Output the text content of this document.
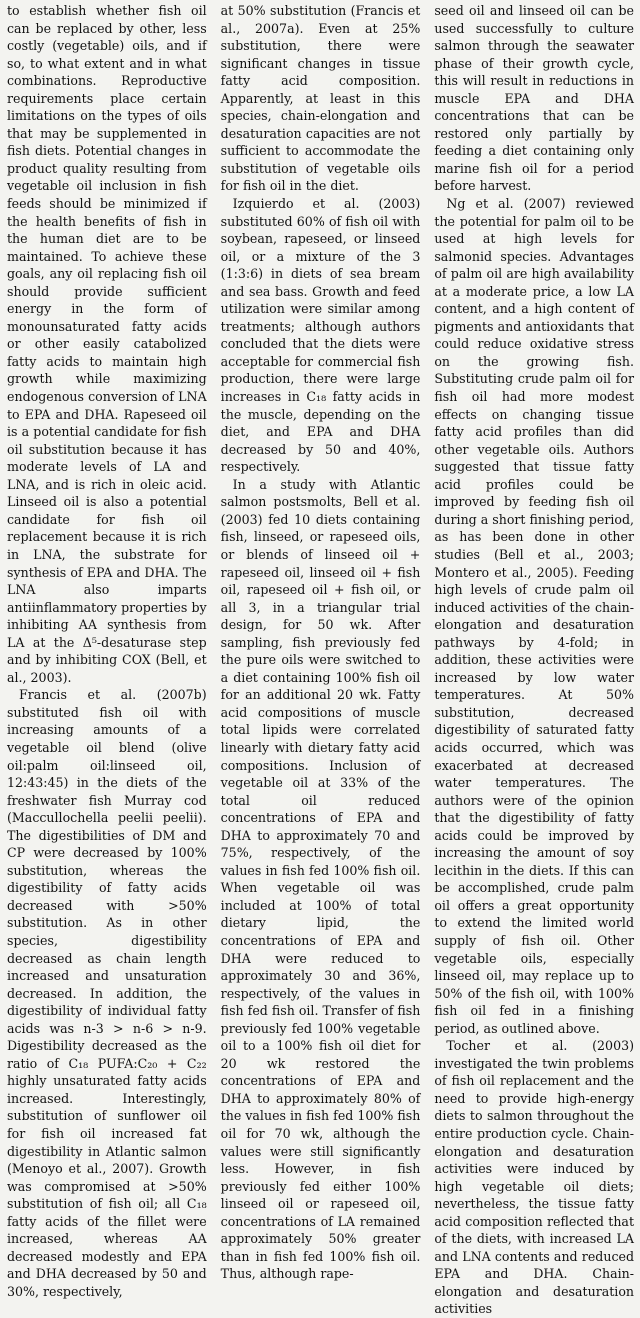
to establish whether fish oil can be replaced by other, less costly (vegetable) oils, and if so, to what extent and in what combinations. Reproductive requirements place certain limitations on the types of oils that may be supplemented in fish diets. Potential changes in product quality resulting from vegetable oil inclusion in fish feeds should be minimized if the health benefits of fish in the human diet are to be maintained. To achieve these goals, any oil replacing fish oil should provide sufficient energy in the form of monounsaturated fatty acids or other easily catabolized fatty acids to maintain high growth while maximizing endogenous conversion of LNA to EPA and DHA. Rapeseed oil is a potential candidate for fish oil substitution because it has moderate levels of LA and LNA, and is rich in oleic acid. Linseed oil is also a potential candidate for fish oil replacement because it is rich in LNA, the substrate for synthesis of EPA and DHA. The LNA also imparts antiinflammatory properties by inhibiting AA synthesis from LA at the Δ⁵-desaturase step and by inhibiting COX (Bell, et al., 2003).

Francis et al. (2007b) substituted fish oil with increasing amounts of a vegetable oil blend (olive oil:palm oil:linseed oil, 12:43:45) in the diets of the freshwater fish Murray cod (Maccullochella peelii peelii). The digestibilities of DM and CP were decreased by 100% substitution, whereas the digestibility of fatty acids decreased with >50% substitution. As in other species, digestibility decreased as chain length increased and unsaturation decreased. In addition, the digestibility of individual fatty acids was n-3 > n-6 > n-9. Digestibility decreased as the ratio of C₁₈ PUFA:C₂₀ + C₂₂ highly unsaturated fatty acids increased. Interestingly, substitution of sunflower oil for fish oil increased fat digestibility in Atlantic salmon (Menoyo et al., 2007). Growth was compromised at >50% substitution of fish oil; all C₁₈ fatty acids of the fillet were increased, whereas AA decreased modestly and EPA and DHA decreased by 50 and 30%, respectively,

at 50% substitution (Francis et al., 2007a). Even at 25% substitution, there were significant changes in tissue fatty acid composition. Apparently, at least in this species, chain-elongation and desaturation capacities are not sufficient to accommodate the substitution of vegetable oils for fish oil in the diet.

Izquierdo et al. (2003) substituted 60% of fish oil with soybean, rapeseed, or linseed oil, or a mixture of the 3 (1:3:6) in diets of sea bream and sea bass. Growth and feed utilization were similar among treatments; although authors concluded that the diets were acceptable for commercial fish production, there were large increases in C₁₈ fatty acids in the muscle, depending on the diet, and EPA and DHA decreased by 50 and 40%, respectively.

In a study with Atlantic salmon postsmolts, Bell et al. (2003) fed 10 diets containing fish, linseed, or rapeseed oils, or blends of linseed oil + rapeseed oil, linseed oil + fish oil, rapeseed oil + fish oil, or all 3, in a triangular trial design, for 50 wk. After sampling, fish previously fed the pure oils were switched to a diet containing 100% fish oil for an additional 20 wk. Fatty acid compositions of muscle total lipids were correlated linearly with dietary fatty acid compositions. Inclusion of vegetable oil at 33% of the total oil reduced concentrations of EPA and DHA to approximately 70 and 75%, respectively, of the values in fish fed 100% fish oil. When vegetable oil was included at 100% of total dietary lipid, the concentrations of EPA and DHA were reduced to approximately 30 and 36%, respectively, of the values in fish fed fish oil. Transfer of fish previously fed 100% vegetable oil to a 100% fish oil diet for 20 wk restored the concentrations of EPA and DHA to approximately 80% of the values in fish fed 100% fish oil for 70 wk, although the values were still significantly less. However, in fish previously fed either 100% linseed oil or rapeseed oil, concentrations of LA remained approximately 50% greater than in fish fed 100% fish oil. Thus, although rape-

seed oil and linseed oil can be used successfully to culture salmon through the seawater phase of their growth cycle, this will result in reductions in muscle EPA and DHA concentrations that can be restored only partially by feeding a diet containing only marine fish oil for a period before harvest.

Ng et al. (2007) reviewed the potential for palm oil to be used at high levels for salmonid species. Advantages of palm oil are high availability at a moderate price, a low LA content, and a high content of pigments and antioxidants that could reduce oxidative stress on the growing fish. Substituting crude palm oil for fish oil had more modest effects on changing tissue fatty acid profiles than did other vegetable oils. Authors suggested that tissue fatty acid profiles could be improved by feeding fish oil during a short finishing period, as has been done in other studies (Bell et al., 2003; Montero et al., 2005). Feeding high levels of crude palm oil induced activities of the chain-elongation and desaturation pathways by 4-fold; in addition, these activities were increased by low water temperatures. At 50% substitution, decreased digestibility of saturated fatty acids occurred, which was exacerbated at decreased water temperatures. The authors were of the opinion that the digestibility of fatty acids could be improved by increasing the amount of soy lecithin in the diets. If this can be accomplished, crude palm oil offers a great opportunity to extend the limited world supply of fish oil. Other vegetable oils, especially linseed oil, may replace up to 50% of the fish oil, with 100% fish oil fed in a finishing period, as outlined above.

Tocher et al. (2003) investigated the twin problems of fish oil replacement and the need to provide high-energy diets to salmon throughout the entire production cycle. Chain-elongation and desaturation activities were induced by high vegetable oil diets; nevertheless, the tissue fatty acid composition reflected that of the diets, with increased LA and LNA contents and reduced EPA and DHA. Chain-elongation and desaturation activities
